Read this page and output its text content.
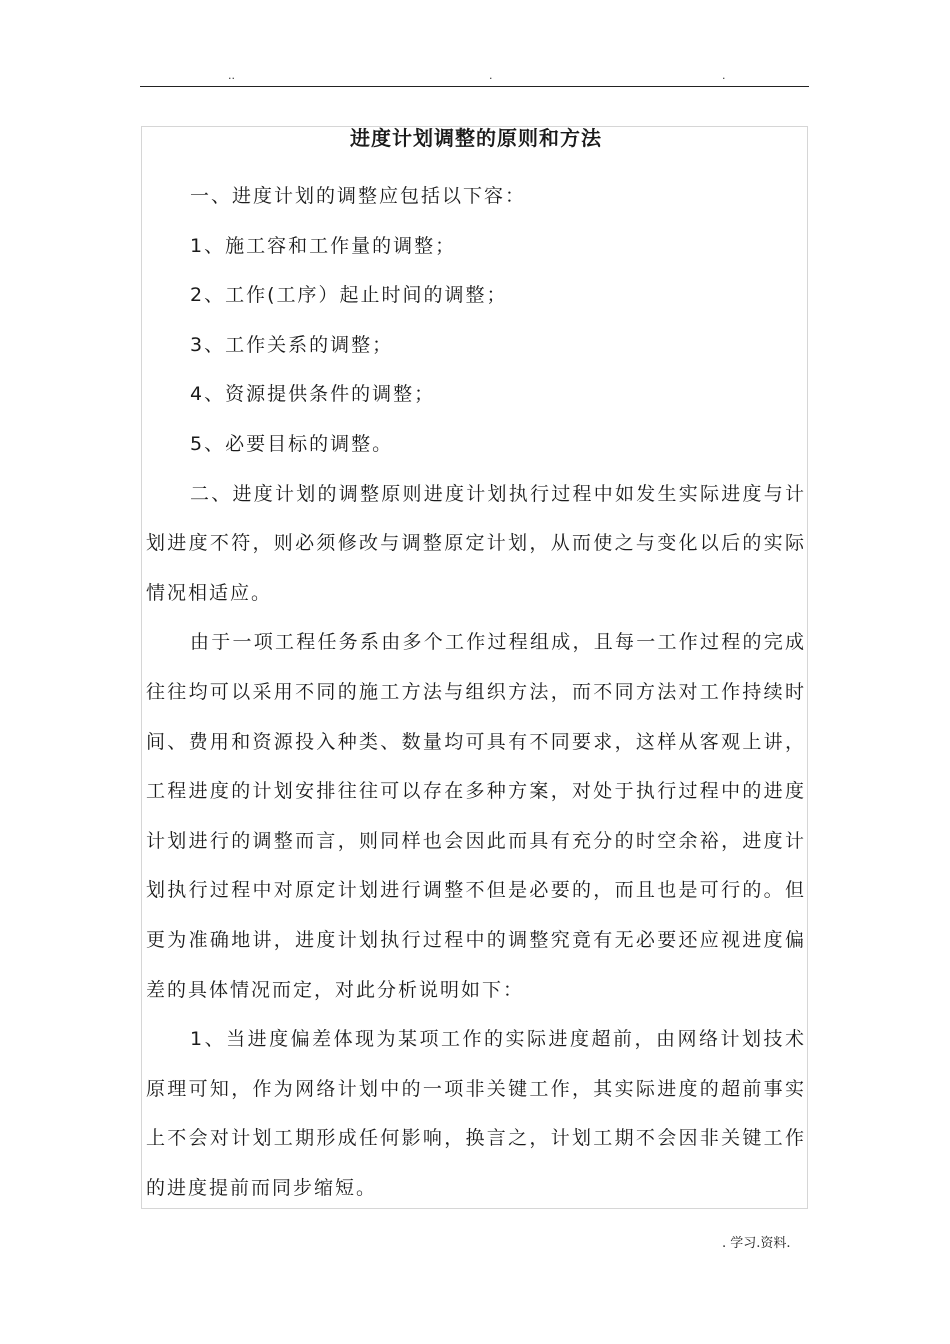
..	.	.
进度计划调整的原则和方法

一、进度计划的调整应包括以下容：

1、施工容和工作量的调整；

2、工作(工序）起止时间的调整；

3、工作关系的调整；

4、资源提供条件的调整；

5、必要目标的调整。

二、进度计划的调整原则进度计划执行过程中如发生实际进度与计划进度不符，则必须修改与调整原定计划，从而使之与变化以后的实际情况相适应。

由于一项工程任务系由多个工作过程组成，且每一工作过程的完成往往均可以采用不同的施工方法与组织方法，而不同方法对工作持续时间、费用和资源投入种类、数量均可具有不同要求，这样从客观上讲，工程进度的计划安排往往可以存在多种方案，对处于执行过程中的进度计划进行的调整而言，则同样也会因此而具有充分的时空余裕，进度计划执行过程中对原定计划进行调整不但是必要的，而且也是可行的。但更为准确地讲，进度计划执行过程中的调整究竟有无必要还应视进度偏差的具体情况而定，对此分析说明如下：

1、当进度偏差体现为某项工作的实际进度超前，由网络计划技术原理可知，作为网络计划中的一项非关键工作，其实际进度的超前事实上不会对计划工期形成任何影响，换言之，计划工期不会因非关键工作的进度提前而同步缩短。

. 学习.资料.
